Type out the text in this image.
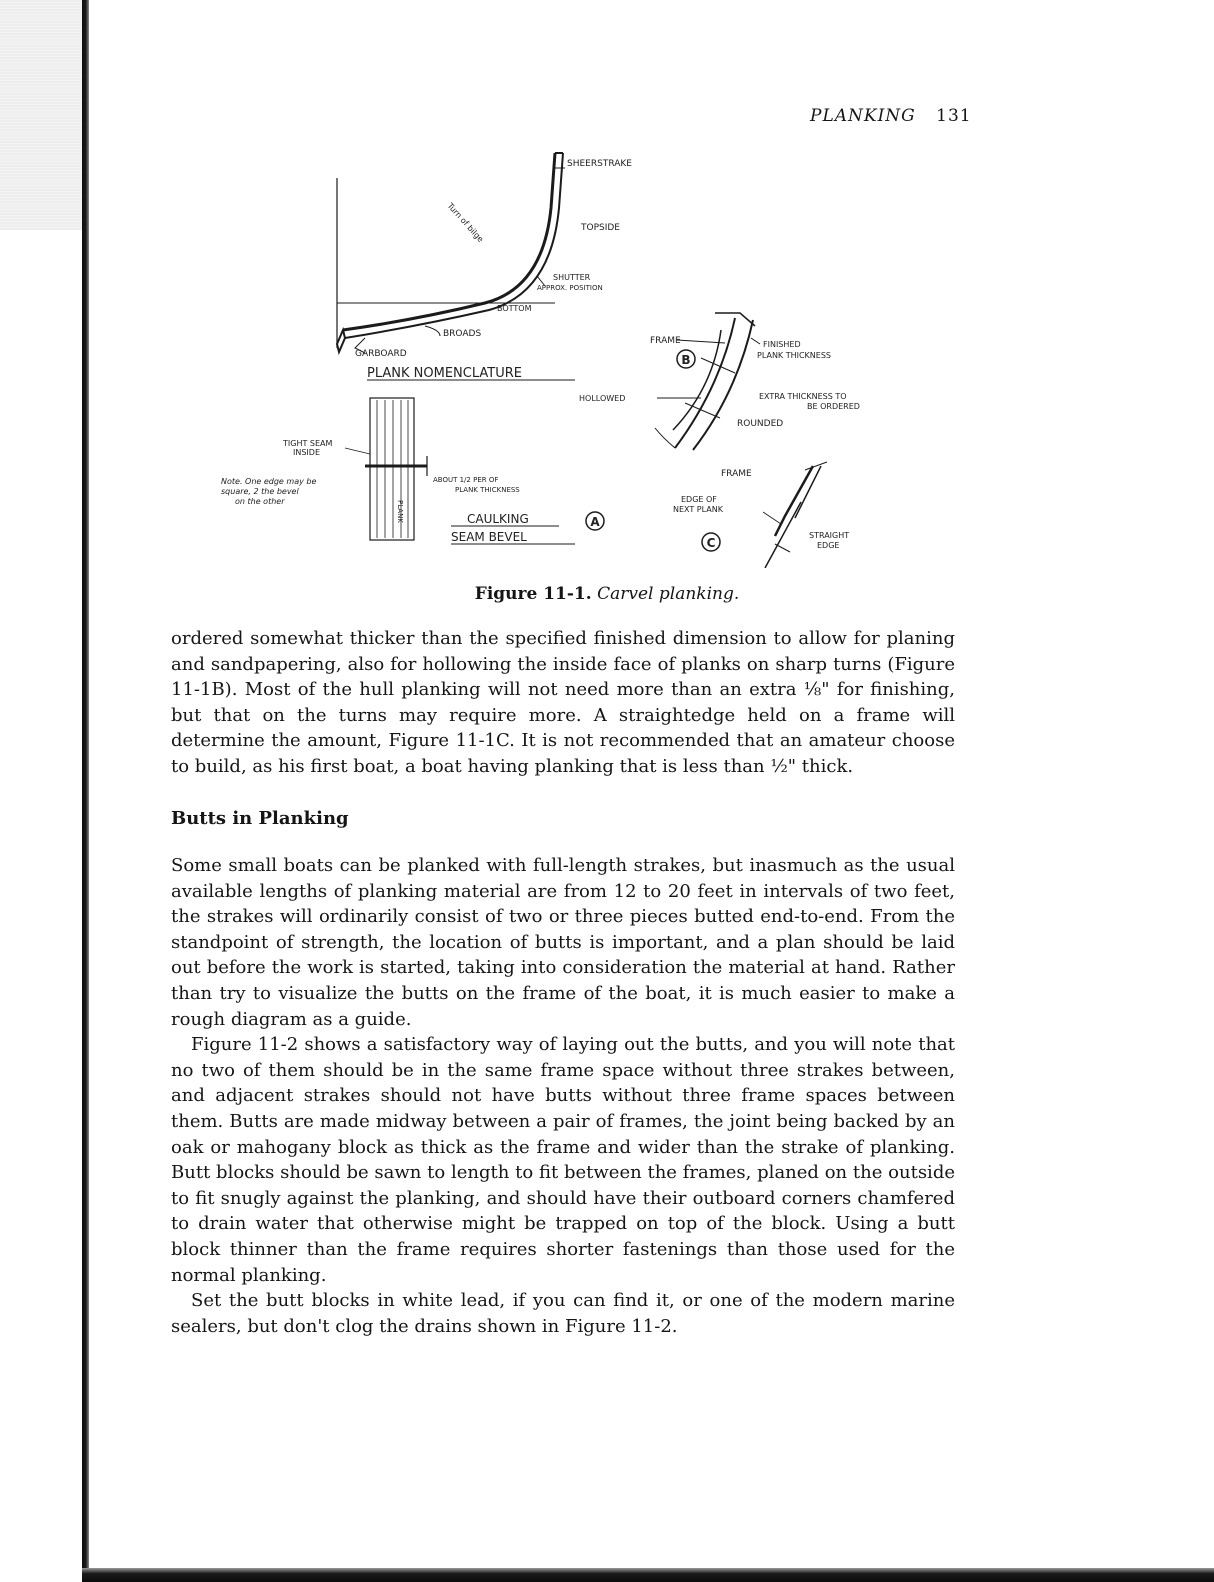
PLANKING 131
SHEERSTRAKE
TOPSIDE
Turn of bilge
SHUTTER
APPROX. POSITION
BOTTOM
BROADS
GARBOARD
PLANK NOMENCLATURE
FRAME	FINISHED
PLANK THICKNESS
B
HOLLOWED	EXTRA THICKNESS TO
BE ORDERED
ROUNDED
TIGHT SEAM
INSIDE
Note. One edge may be
square, 2 the bevel
on the other
ABOUT 1/2 PER OF
PLANK THICKNESS
PLANK	CAULKING
SEAM BEVEL
A
FRAME
EDGE OF
NEXT PLANK
STRAIGHT
EDGE
C
Figure 11-1. Carvel planking.

ordered somewhat thicker than the specified finished dimension to allow for planing and sandpapering, also for hollowing the inside face of planks on sharp turns (Figure 11-1B). Most of the hull planking will not need more than an extra ⅛" for finishing, but that on the turns may require more. A straightedge held on a frame will determine the amount, Figure 11-1C. It is not recommended that an amateur choose to build, as his first boat, a boat having planking that is less than ½" thick.

Butts in Planking

Some small boats can be planked with full-length strakes, but inasmuch as the usual available lengths of planking material are from 12 to 20 feet in intervals of two feet, the strakes will ordinarily consist of two or three pieces butted end-to-end. From the standpoint of strength, the location of butts is important, and a plan should be laid out before the work is started, taking into consideration the material at hand. Rather than try to visualize the butts on the frame of the boat, it is much easier to make a rough diagram as a guide.

Figure 11-2 shows a satisfactory way of laying out the butts, and you will note that no two of them should be in the same frame space without three strakes between, and adjacent strakes should not have butts without three frame spaces between them. Butts are made midway between a pair of frames, the joint being backed by an oak or mahogany block as thick as the frame and wider than the strake of planking. Butt blocks should be sawn to length to fit between the frames, planed on the outside to fit snugly against the planking, and should have their outboard corners chamfered to drain water that otherwise might be trapped on top of the block. Using a butt block thinner than the frame requires shorter fastenings than those used for the normal planking.

Set the butt blocks in white lead, if you can find it, or one of the modern marine sealers, but don't clog the drains shown in Figure 11-2.
